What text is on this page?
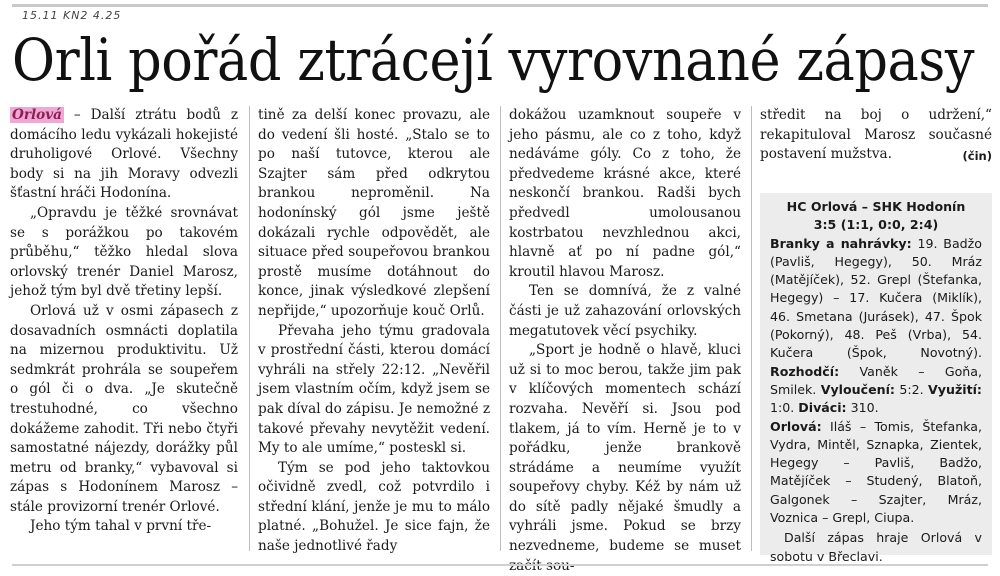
15.11 KN2 4.25
Orli pořád ztrácejí vyrovnané zápasy

Orlová – Další ztrátu bodů z domácího ledu vykázali hokejisté druholigové Orlové. Všechny body si na jih Moravy odvezli šťastní hráči Hodonína.

„Opravdu je těžké srovnávat se s porážkou po takovém průběhu,“ těžko hledal slova orlovský trenér Daniel Marosz, jehož tým byl dvě třetiny lepší.

Orlová už v osmi zápasech z dosavadních osmnácti doplatila na mizernou produktivitu. Už sedmkrát prohrála se soupeřem o gól či o dva. „Je skutečně trestuhodné, co všechno dokážeme zahodit. Tři nebo čtyři samostatné nájezdy, dorážky půl metru od branky,“ vybavoval si zápas s Hodonínem Marosz – stále provizorní trenér Orlové.

Jeho tým tahal v první tře-

tině za delší konec provazu, ale do vedení šli hosté. „Stalo se to po naší tutovce, kterou ale Szajter sám před odkrytou brankou neproměnil. Na hodonínský gól jsme ještě dokázali rychle odpovědět, ale situace před soupeřovou brankou prostě musíme dotáhnout do konce, jinak výsledkové zlepšení nepřijde,“ upozorňuje kouč Orlů.

Převaha jeho týmu gradovala v prostřední části, kterou domácí vyhráli na střely 22:12. „Nevěřil jsem vlastním očím, když jsem se pak díval do zápisu. Je nemožné z takové převahy nevytěžit vedení. My to ale umíme,“ posteskl si.

Tým se pod jeho taktovkou očividně zvedl, což potvrdilo i střední klání, jenže je mu to málo platné. „Bohužel. Je sice fajn, že naše jednotlivé řady

dokážou uzamknout soupeře v jeho pásmu, ale co z toho, když nedáváme góly. Co z toho, že předvedeme krásné akce, které neskončí brankou. Radši bych předvedl umolousanou kostrbatou nevzhlednou akci, hlavně ať po ní padne gól,“ kroutil hlavou Marosz.

Ten se domnívá, že z valné části je už zahazování orlovských megatutovek věcí psychiky.

„Sport je hodně o hlavě, kluci už si to moc berou, takže jim pak v klíčových momentech schází rozvaha. Nevěří si. Jsou pod tlakem, já to vím. Herně je to v pořádku, jenže brankově strádáme a neumíme využít soupeřovy chyby. Kéž by nám už do sítě padly nějaké šmudly a vyhráli jsme. Pokud se brzy nezvedneme, budeme se muset

středit na boj o udržení,“ rekapituloval Marosz současné postavení mužstva.	(čin)

HC Orlová – SHK Hodonín
3:5 (1:1, 0:0, 2:4)

Branky a nahrávky: 19. Badžo (Pavliš, Hegegy), 50. Mráz (Matějíček), 52. Grepl (Štefanka, Hegegy) – 17. Kučera (Miklík), 46. Smetana (Jurásek), 47. Špok (Pokorný), 48. Peš (Vrba), 54. Kučera (Špok, Novotný). Rozhodčí: Vaněk – Goňa, Smilek. Vyloučení: 5:2. Využití: 1:0. Diváci: 310.

Orlová: Iláš – Tomis, Štefanka, Vydra, Mintěl, Sznapka, Zientek, Hegegy – Pavliš, Badžo, Matějíček – Studený, Blatoň, Galgonek – Szajter, Mráz, Voznica – Grepl, Ciupa.

Další zápas hraje Orlová v sobotu v Břeclavi.
